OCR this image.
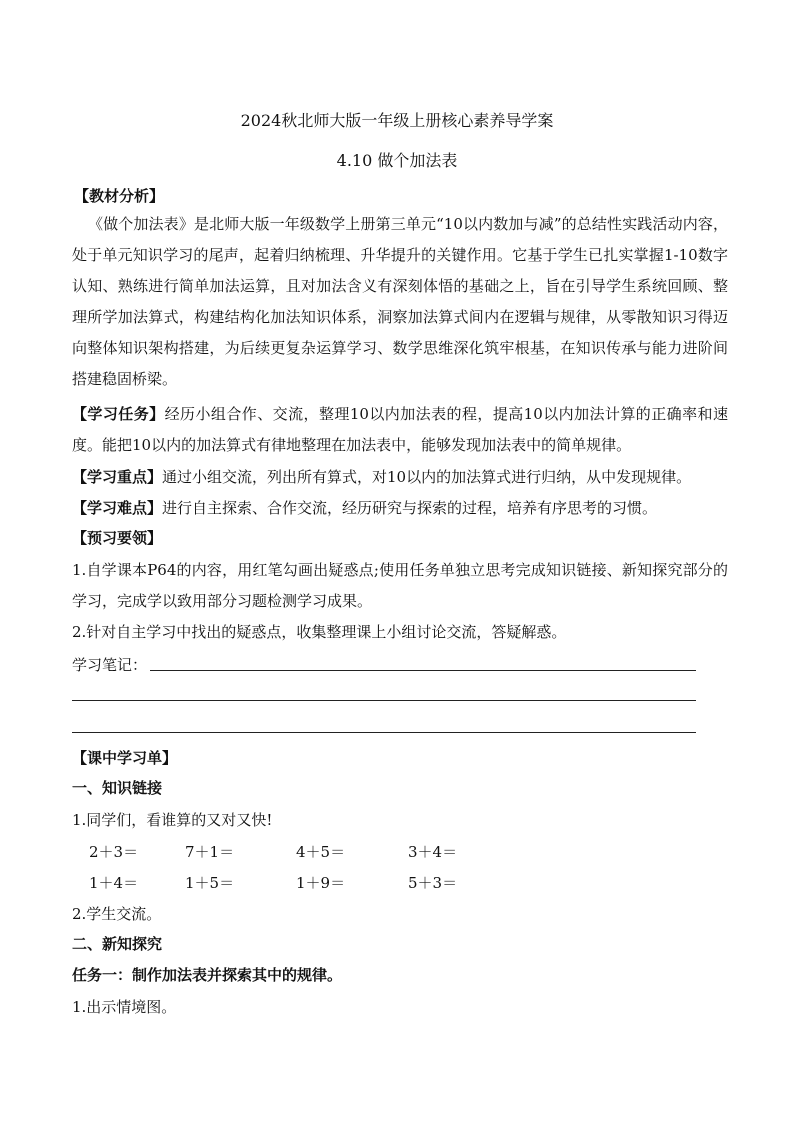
2024秋北师大版一年级上册核心素养导学案
4.10 做个加法表
【教材分析】
《做个加法表》是北师大版一年级数学上册第三单元“10以内数加与减”的总结性实践活动内容，处于单元知识学习的尾声，起着归纳梳理、升华提升的关键作用。它基于学生已扎实掌握1-10数字认知、熟练进行简单加法运算，且对加法含义有深刻体悟的基础之上，旨在引导学生系统回顾、整理所学加法算式，构建结构化加法知识体系，洞察加法算式间内在逻辑与规律，从零散知识习得迈向整体知识架构搭建，为后续更复杂运算学习、数学思维深化筑牢根基，在知识传承与能力进阶间搭建稳固桥梁。
【学习任务】经历小组合作、交流，整理10以内加法表的程，提高10以内加法计算的正确率和速度。能把10以内的加法算式有律地整理在加法表中，能够发现加法表中的简单规律。
【学习重点】通过小组交流，列出所有算式，对10以内的加法算式进行归纳，从中发现规律。
【学习难点】进行自主探索、合作交流，经历研究与探索的过程，培养有序思考的习惯。
【预习要领】
1.自学课本P64的内容，用红笔勾画出疑惑点;使用任务单独立思考完成知识链接、新知探究部分的学习，完成学以致用部分习题检测学习成果。
2.针对自主学习中找出的疑惑点，收集整理课上小组讨论交流，答疑解惑。
学习笔记：
【课中学习单】
一、知识链接
1.同学们，看谁算的又对又快!
2＋3＝	7＋1＝	4＋5＝	3＋4＝
1＋4＝	1＋5＝	1＋9＝	5＋3＝
2.学生交流。
二、新知探究
任务一：制作加法表并探索其中的规律。
1.出示情境图。
